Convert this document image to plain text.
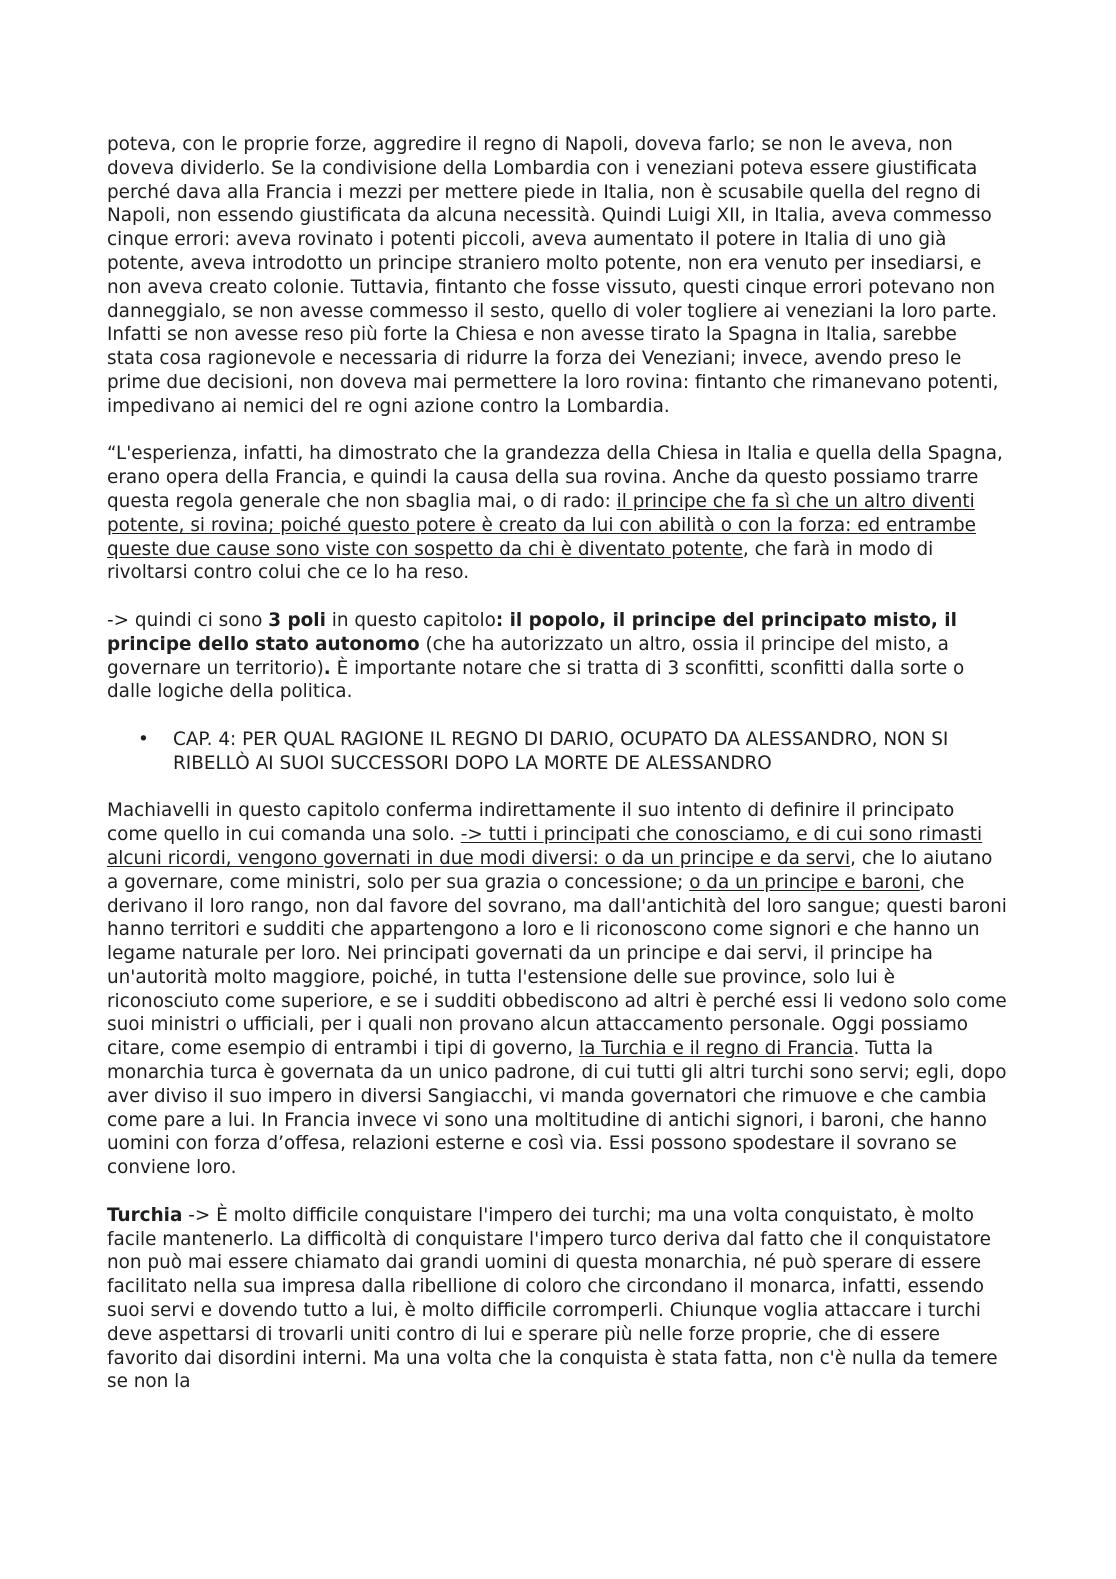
poteva, con le proprie forze, aggredire il regno di Napoli, doveva farlo; se non le aveva, non doveva dividerlo. Se la condivisione della Lombardia con i veneziani poteva essere giustificata perché dava alla Francia i mezzi per mettere piede in Italia, non è scusabile quella del regno di Napoli, non essendo giustificata da alcuna necessità. Quindi Luigi XII, in Italia, aveva commesso cinque errori: aveva rovinato i potenti piccoli, aveva aumentato il potere in Italia di uno già potente, aveva introdotto un principe straniero molto potente, non era venuto per insediarsi, e non aveva creato colonie. Tuttavia, fintanto che fosse vissuto, questi cinque errori potevano non danneggialo, se non avesse commesso il sesto, quello di voler togliere ai veneziani la loro parte. Infatti se non avesse reso più forte la Chiesa e non avesse tirato la Spagna in Italia, sarebbe stata cosa ragionevole e necessaria di ridurre la forza dei Veneziani; invece, avendo preso le prime due decisioni, non doveva mai permettere la loro rovina: fintanto che rimanevano potenti, impedivano ai nemici del re ogni azione contro la Lombardia.

“L'esperienza, infatti, ha dimostrato che la grandezza della Chiesa in Italia e quella della Spagna, erano opera della Francia, e quindi la causa della sua rovina. Anche da questo possiamo trarre questa regola generale che non sbaglia mai, o di rado: il principe che fa sì che un altro diventi potente, si rovina; poiché questo potere è creato da lui con abilità o con la forza: ed entrambe queste due cause sono viste con sospetto da chi è diventato potente, che farà in modo di rivoltarsi contro colui che ce lo ha reso.

-> quindi ci sono 3 poli in questo capitolo: il popolo, il principe del principato misto, il principe dello stato autonomo (che ha autorizzato un altro, ossia il principe del misto, a governare un territorio). È importante notare che si tratta di 3 sconfitti, sconfitti dalla sorte o dalle logiche della politica.

•	CAP. 4: PER QUAL RAGIONE IL REGNO DI DARIO, OCUPATO DA ALESSANDRO, NON SI RIBELLÒ AI SUOI SUCCESSORI DOPO LA MORTE DE ALESSANDRO

Machiavelli in questo capitolo conferma indirettamente il suo intento di definire il principato come quello in cui comanda una solo. -> tutti i principati che conosciamo, e di cui sono rimasti alcuni ricordi, vengono governati in due modi diversi: o da un principe e da servi, che lo aiutano a governare, come ministri, solo per sua grazia o concessione; o da un principe e baroni, che derivano il loro rango, non dal favore del sovrano, ma dall'antichità del loro sangue; questi baroni hanno territori e sudditi che appartengono a loro e li riconoscono come signori e che hanno un legame naturale per loro. Nei principati governati da un principe e dai servi, il principe ha un'autorità molto maggiore, poiché, in tutta l'estensione delle sue province, solo lui è riconosciuto come superiore, e se i sudditi obbediscono ad altri è perché essi li vedono solo come suoi ministri o ufficiali, per i quali non provano alcun attaccamento personale. Oggi possiamo citare, come esempio di entrambi i tipi di governo, la Turchia e il regno di Francia. Tutta la monarchia turca è governata da un unico padrone, di cui tutti gli altri turchi sono servi; egli, dopo aver diviso il suo impero in diversi Sangiacchi, vi manda governatori che rimuove e che cambia come pare a lui. In Francia invece vi sono una moltitudine di antichi signori, i baroni, che hanno uomini con forza d’offesa, relazioni esterne e così via. Essi possono spodestare il sovrano se conviene loro.

Turchia -> È molto difficile conquistare l'impero dei turchi; ma una volta conquistato, è molto facile mantenerlo. La difficoltà di conquistare l'impero turco deriva dal fatto che il conquistatore non può mai essere chiamato dai grandi uomini di questa monarchia, né può sperare di essere facilitato nella sua impresa dalla ribellione di coloro che circondano il monarca, infatti, essendo suoi servi e dovendo tutto a lui, è molto difficile corromperli. Chiunque voglia attaccare i turchi deve aspettarsi di trovarli uniti contro di lui e sperare più nelle forze proprie, che di essere favorito dai disordini interni. Ma una volta che la conquista è stata fatta, non c'è nulla da temere se non la
